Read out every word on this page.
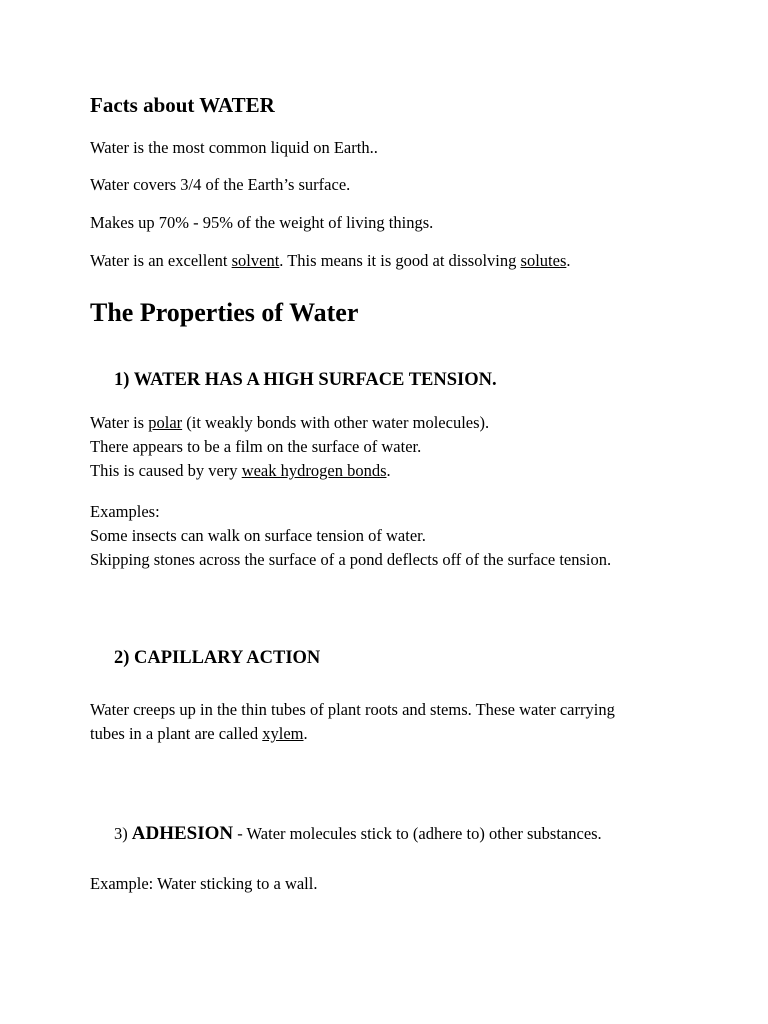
Facts about WATER

Water is the most common liquid on Earth..

Water covers 3/4 of the Earth’s surface.

Makes up 70% - 95% of the weight of living things.

Water is an excellent solvent. This means it is good at dissolving solutes.

The Properties of Water
1) WATER HAS A HIGH SURFACE TENSION.
Water is polar (it weakly bonds with other water molecules).
There appears to be a film on the surface of water.
This is caused by very weak hydrogen bonds.
Examples:
Some insects can walk on surface tension of water.
Skipping stones across the surface of a pond deflects off of the surface tension.
2) CAPILLARY ACTION
Water creeps up in the thin tubes of plant roots and stems. These water carrying
tubes in a plant are called xylem.
3) ADHESION - Water molecules stick to (adhere to) other substances.

Example: Water sticking to a wall.
